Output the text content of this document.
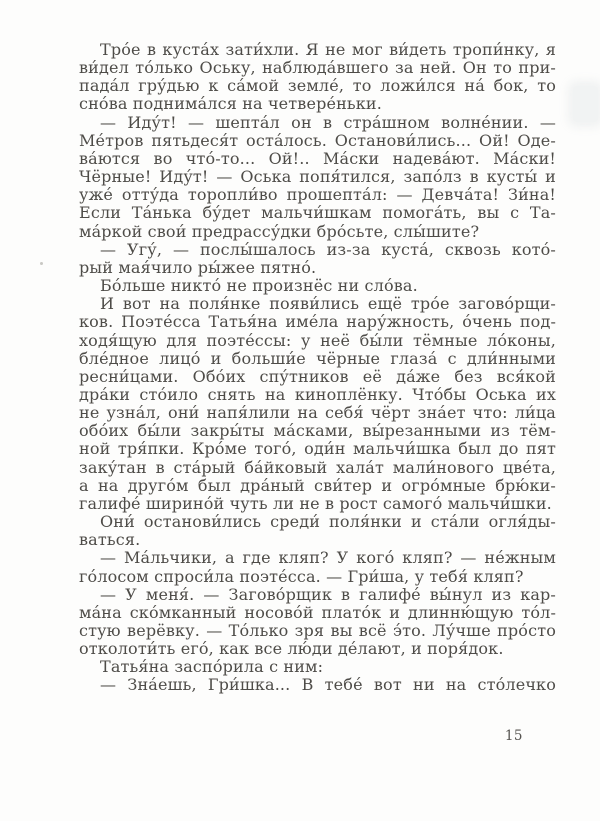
Тро́е в куста́х зати́хли. Я не мог ви́деть тропи́нку, я
ви́дел то́лько Оську, наблюда́вшего за ней. Он то при-
пада́л гру́дью к са́мой земле́, то ложи́лся на́ бок, то
сно́ва поднима́лся на четвере́ньки.
— Иду́т! — шепта́л он в стра́шном волне́нии. —
Ме́тров пятьдеся́т оста́лось. Останови́лись... Ой! Оде-
ва́ются во что́-то... Ой!.. Ма́ски надева́ют. Ма́ски!
Чёрные! Иду́т! — Оська попя́тился, запо́лз в кусты́ и
уже́ отту́да торопли́во прошепта́л: — Девча́та! Зи́на!
Если Та́нька бу́дет мальчи́шкам помога́ть, вы с Та-
ма́ркой свои́ предрассу́дки бро́сьте, слы́шите?
— Угу́, — послы́шалось из-за куста́, сквозь кото́-
рый мая́чило ры́жее пятно́.
Бо́льше никто́ не произнёс ни сло́ва.
И вот на поля́нке появи́лись ещё тро́е загово́рщи-
ков. Поэте́сса Татья́на име́ла нару́жность, о́чень под-
ходя́щую для поэте́ссы: у неё бы́ли тёмные ло́коны,
бле́дное лицо́ и больши́е чёрные глаза́ с дли́нными
ресни́цами. Обо́их спу́тников её да́же без вся́кой
дра́ки сто́ило снять на киноплёнку. Что́бы Оська их
не узна́л, они́ напя́лили на себя́ чёрт зна́ет что: ли́ца
обо́их бы́ли закры́ты ма́сками, вы́резанными из тём-
ной тря́пки. Кро́ме того́, оди́н мальчи́шка был до пят
заку́тан в ста́рый ба́йковый хала́т мали́нового цве́та,
а на друго́м был дра́ный сви́тер и огро́мные брю́ки-
галифе́ ширино́й чуть ли не в рост самого́ мальчи́шки.
Они́ останови́лись среди́ поля́нки и ста́ли огля́ды-
ваться.
— Ма́льчики, а где кляп? У кого́ кляп? — не́жным
го́лосом спроси́ла поэте́сса. — Гри́ша, у тебя́ кляп?
— У меня́. — Загово́рщик в галифе́ вы́нул из кар-
ма́на ско́мканный носово́й плато́к и длинню́щую то́л-
стую верёвку. — То́лько зря вы всё э́то. Лу́чше про́сто
отколоти́ть его́, как все лю́ди де́лают, и поря́док.
Татья́на заспо́рила с ним:
— Зна́ешь, Гри́шка... В тебе́ вот ни на сто́лечко
15
